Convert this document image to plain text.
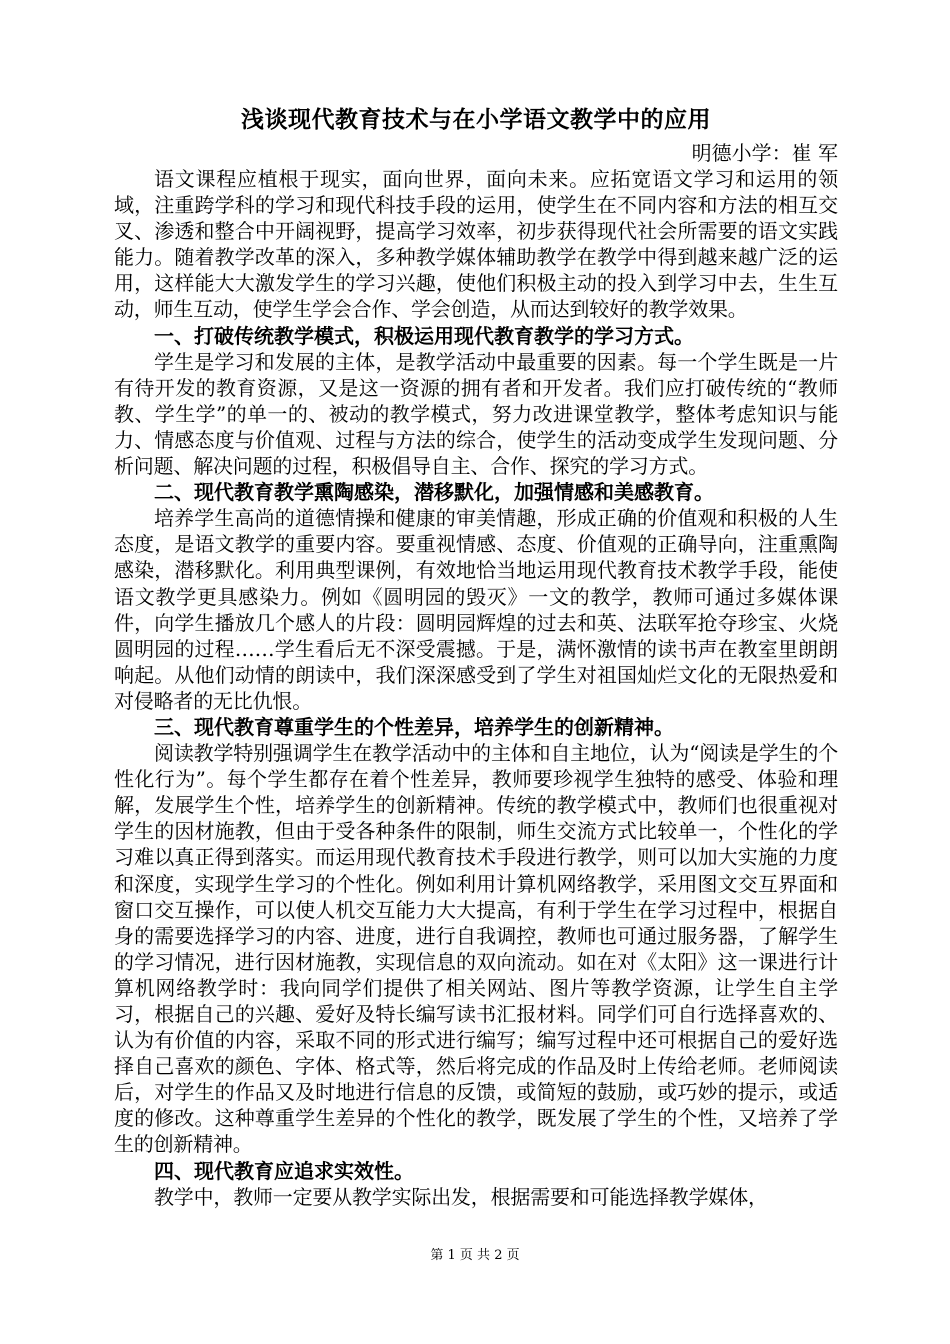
浅谈现代教育技术与在小学语文教学中的应用

明德小学：崔 军

语文课程应植根于现实，面向世界，面向未来。应拓宽语文学习和运用的领域，注重跨学科的学习和现代科技手段的运用，使学生在不同内容和方法的相互交叉、渗透和整合中开阔视野，提高学习效率，初步获得现代社会所需要的语文实践能力。随着教学改革的深入，多种教学媒体辅助教学在教学中得到越来越广泛的运用，这样能大大激发学生的学习兴趣，使他们积极主动的投入到学习中去，生生互动，师生互动，使学生学会合作、学会创造，从而达到较好的教学效果。

一、打破传统教学模式，积极运用现代教育教学的学习方式。

学生是学习和发展的主体，是教学活动中最重要的因素。每一个学生既是一片有待开发的教育资源，又是这一资源的拥有者和开发者。我们应打破传统的“教师教、学生学”的单一的、被动的教学模式，努力改进课堂教学，整体考虑知识与能力、情感态度与价值观、过程与方法的综合，使学生的活动变成学生发现问题、分析问题、解决问题的过程，积极倡导自主、合作、探究的学习方式。

二、现代教育教学熏陶感染，潜移默化，加强情感和美感教育。

培养学生高尚的道德情操和健康的审美情趣，形成正确的价值观和积极的人生态度，是语文教学的重要内容。要重视情感、态度、价值观的正确导向，注重熏陶感染，潜移默化。利用典型课例，有效地恰当地运用现代教育技术教学手段，能使语文教学更具感染力。例如《圆明园的毁灭》一文的教学，教师可通过多媒体课件，向学生播放几个感人的片段：圆明园辉煌的过去和英、法联军抢夺珍宝、火烧圆明园的过程……学生看后无不深受震撼。于是，满怀激情的读书声在教室里朗朗响起。从他们动情的朗读中，我们深深感受到了学生对祖国灿烂文化的无限热爱和对侵略者的无比仇恨。

三、现代教育尊重学生的个性差异，培养学生的创新精神。

阅读教学特别强调学生在教学活动中的主体和自主地位，认为“阅读是学生的个性化行为”。每个学生都存在着个性差异，教师要珍视学生独特的感受、体验和理解，发展学生个性，培养学生的创新精神。传统的教学模式中，教师们也很重视对学生的因材施教，但由于受各种条件的限制，师生交流方式比较单一，个性化的学习难以真正得到落实。而运用现代教育技术手段进行教学，则可以加大实施的力度和深度，实现学生学习的个性化。例如利用计算机网络教学，采用图文交互界面和窗口交互操作，可以使人机交互能力大大提高，有利于学生在学习过程中，根据自身的需要选择学习的内容、进度，进行自我调控，教师也可通过服务器，了解学生的学习情况，进行因材施教，实现信息的双向流动。如在对《太阳》这一课进行计算机网络教学时：我向同学们提供了相关网站、图片等教学资源，让学生自主学习，根据自己的兴趣、爱好及特长编写读书汇报材料。同学们可自行选择喜欢的、认为有价值的内容，采取不同的形式进行编写；编写过程中还可根据自己的爱好选择自己喜欢的颜色、字体、格式等，然后将完成的作品及时上传给老师。老师阅读后，对学生的作品又及时地进行信息的反馈，或简短的鼓励，或巧妙的提示，或适度的修改。这种尊重学生差异的个性化的教学，既发展了学生的个性，又培养了学生的创新精神。

四、现代教育应追求实效性。

教学中，教师一定要从教学实际出发，根据需要和可能选择教学媒体，

第 1 页 共 2 页
